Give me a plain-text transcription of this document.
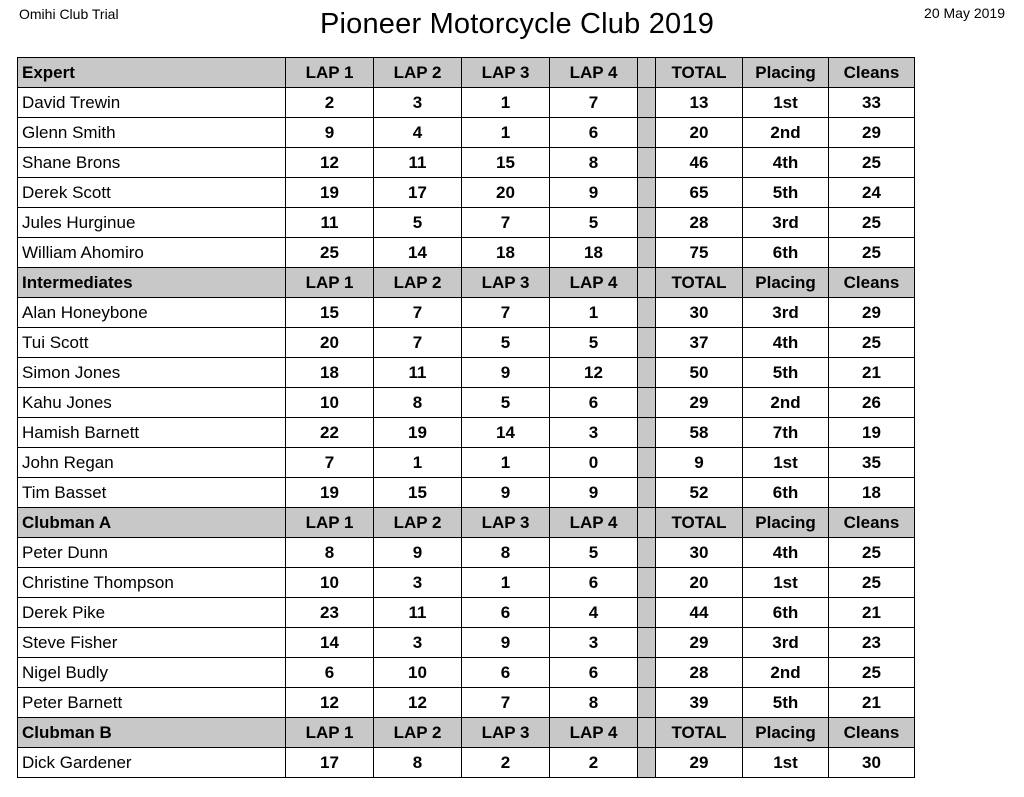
Omihi Club Trial	Pioneer Motorcycle Club 2019	20 May 2019
Expert	LAP 1	LAP 2	LAP 3	LAP 4		TOTAL	Placing	Cleans
David Trewin	2	3	1	7		13	1st	33
Glenn Smith	9	4	1	6		20	2nd	29
Shane Brons	12	11	15	8		46	4th	25
Derek Scott	19	17	20	9		65	5th	24
Jules Hurginue	11	5	7	5		28	3rd	25
William Ahomiro	25	14	18	18		75	6th	25
Intermediates	LAP 1	LAP 2	LAP 3	LAP 4		TOTAL	Placing	Cleans
Alan Honeybone	15	7	7	1		30	3rd	29
Tui Scott	20	7	5	5		37	4th	25
Simon Jones	18	11	9	12		50	5th	21
Kahu Jones	10	8	5	6		29	2nd	26
Hamish Barnett	22	19	14	3		58	7th	19
John Regan	7	1	1	0		9	1st	35
Tim Basset	19	15	9	9		52	6th	18
Clubman A	LAP 1	LAP 2	LAP 3	LAP 4		TOTAL	Placing	Cleans
Peter Dunn	8	9	8	5		30	4th	25
Christine Thompson	10	3	1	6		20	1st	25
Derek Pike	23	11	6	4		44	6th	21
Steve Fisher	14	3	9	3		29	3rd	23
Nigel Budly	6	10	6	6		28	2nd	25
Peter Barnett	12	12	7	8		39	5th	21
Clubman B	LAP 1	LAP 2	LAP 3	LAP 4		TOTAL	Placing	Cleans
Dick Gardener	17	8	2	2		29	1st	30
